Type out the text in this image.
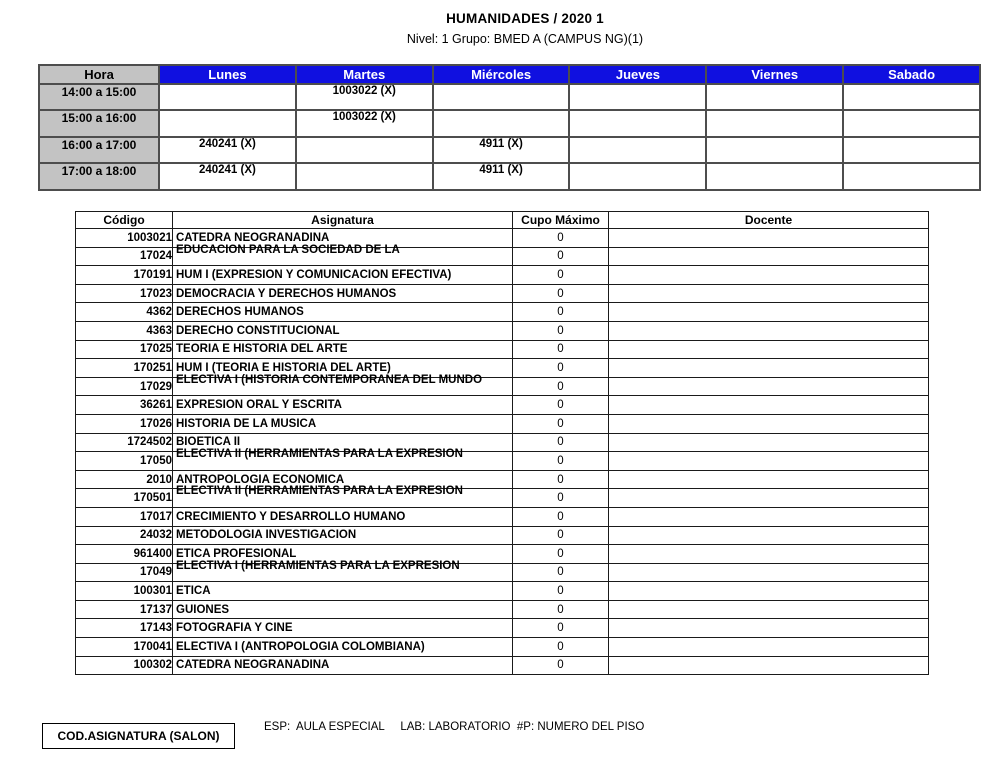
HUMANIDADES / 2020 1
Nivel: 1 Grupo: BMED A (CAMPUS NG)(1)
Hora	Lunes	Martes	Miércoles	Jueves	Viernes	Sabado
14:00 a 15:00		1003022 (X)				
15:00 a 16:00		1003022 (X)				
16:00 a 17:00	240241 (X)		4911 (X)			
17:00 a 18:00	240241 (X)		4911 (X)			
Código	Asignatura	Cupo Máximo	Docente
1003021	CATEDRA NEOGRANADINA	0	
17024	EDUCACIÓN PARA LA SOCIEDAD DE LA	0	
170191	HUM I (EXPRESIÓN Y COMUNICACIÓN EFECTIVA)	0	
17023	DEMOCRACIA Y DERECHOS HUMANOS	0	
4362	DERECHOS HUMANOS	0	
4363	DERECHO CONSTITUCIONAL	0	
17025	TEORÍA E HISTORIA DEL ARTE	0	
170251	HUM I (TEORÍA E HISTORIA DEL ARTE)	0	
17029	ELECTIVA I (HISTORIA CONTEMPORÁNEA DEL MUNDO	0	
36261	EXPRESION ORAL Y ESCRITA	0	
17026	HISTORIA DE LA MÚSICA	0	
1724502	BIOETICA II	0	
17050	ELECTIVA II (HERRAMIENTAS PARA LA EXPRESIÓN	0	
2010	ANTROPOLOGIA ECONOMICA	0	
170501	ELECTIVA II (HERRAMIENTAS PARA LA EXPRESIÓN	0	
17017	CRECIMIENTO Y DESARROLLO HUMANO	0	
24032	METODOLOGIA INVESTIGACION	0	
961400	ETICA PROFESIONAL	0	
17049	ELECTIVA I (HERRAMIENTAS PARA LA EXPRESIÓN	0	
100301	ETICA	0	
17137	GUIONES	0	
17143	FOTOGRAFIA Y CINE	0	
170041	ELECTIVA I (ANTROPOLOGÍA COLOMBIANA)	0	
100302	CATEDRA NEOGRANADINA	0	
COD.ASIGNATURA (SALON)
ESP:  AULA ESPECIAL     LAB: LABORATORIO  #P: NUMERO DEL PISO
